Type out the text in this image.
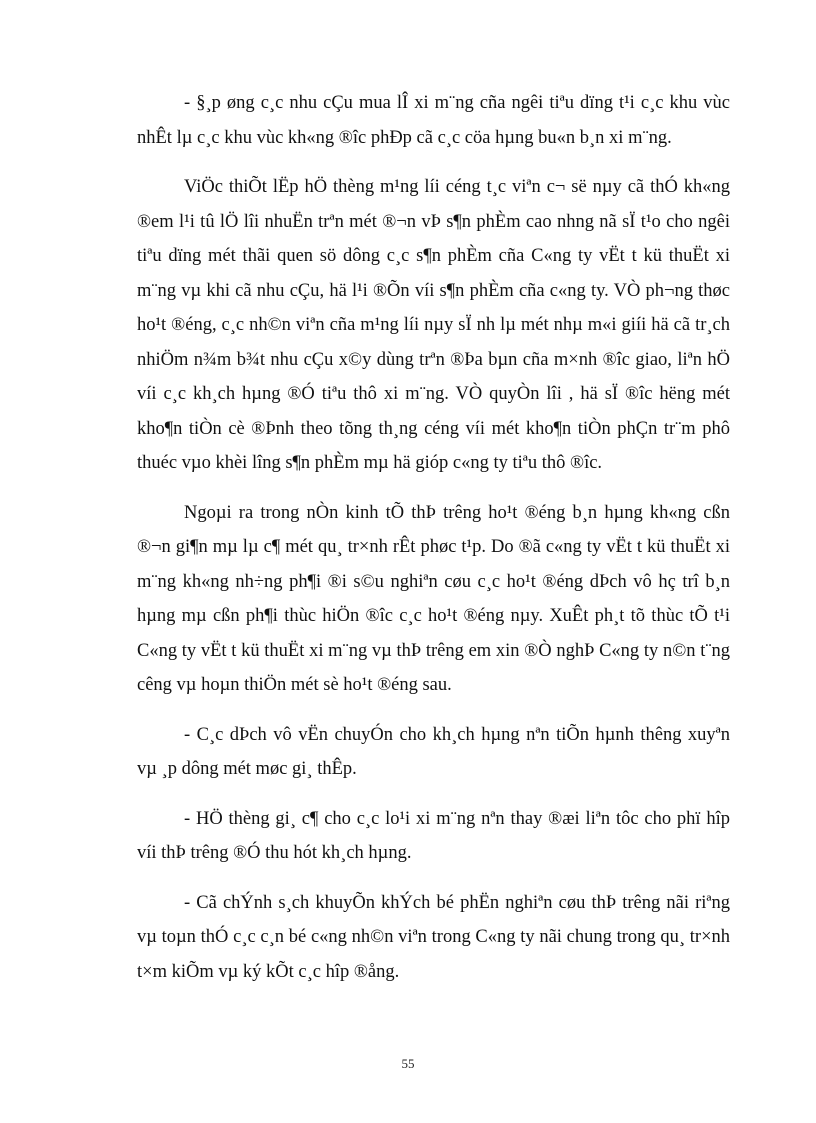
- §¸p øng c¸c nhu cÇu mua lÎ xi m¨ng cña ngêi tiªu dïng t¹i c¸c khu vùc nhÊt lµ c¸c khu vùc kh«ng ®îc phÐp cã c¸c cöa hµng bu«n b¸n xi m¨ng.

ViÖc thiÕt lËp hÖ thèng m¹ng líi céng t¸c viªn c¬ së nµy cã thÓ kh«ng ®em l¹i tû lÖ lîi nhuËn trªn mét ®¬n vÞ s¶n phÈm cao nhng nã sÏ t¹o cho ngêi tiªu dïng mét thãi quen sö dông c¸c s¶n phÈm cña C«ng ty vËt t kü thuËt xi m¨ng vµ khi cã nhu cÇu, hä l¹i ®Õn víi s¶n phÈm cña c«ng ty. VÒ ph¬ng thøc ho¹t ®éng, c¸c nh©n viªn cña m¹ng líi nµy sÏ nh lµ mét nhµ m«i giíi hä cã tr¸ch nhiÖm n¾m b¾t nhu cÇu x©y dùng trªn ®Þa bµn cña m×nh ®îc giao, liªn hÖ víi c¸c kh¸ch hµng ®Ó tiªu thô xi m¨ng. VÒ quyÒn lîi , hä sÏ ®îc hëng mét kho¶n tiÒn cè ®Þnh theo tõng th¸ng céng víi mét kho¶n tiÒn phÇn tr¨m phô thuéc vµo khèi lîng s¶n phÈm mµ hä gióp c«ng ty tiªu thô ®îc.

Ngoµi ra trong nÒn kinh tÕ thÞ trêng ho¹t ®éng b¸n hµng kh«ng cßn ®¬n gi¶n mµ lµ c¶ mét qu¸ tr×nh rÊt phøc t¹p. Do ®ã c«ng ty vËt t kü thuËt xi m¨ng kh«ng nh÷ng ph¶i ®i s©u nghiªn cøu c¸c ho¹t ®éng dÞch vô hç trî b¸n hµng mµ cßn ph¶i thùc hiÖn ®îc c¸c ho¹t ®éng nµy. XuÊt ph¸t tõ thùc tÕ t¹i C«ng ty vËt t kü thuËt xi m¨ng vµ thÞ trêng em xin ®Ò nghÞ C«ng ty n©n t¨ng cêng vµ hoµn thiÖn mét sè ho¹t ®éng sau.

- C¸c dÞch vô vËn chuyÓn cho kh¸ch hµng nªn tiÕn hµnh thêng xuyªn vµ ¸p dông mét møc gi¸ thÊp.

- HÖ thèng gi¸ c¶ cho c¸c lo¹i xi m¨ng nªn thay ®æi liªn tôc cho phï hîp víi thÞ trêng ®Ó thu hót kh¸ch hµng.

- Cã chÝnh s¸ch khuyÕn khÝch bé phËn nghiªn cøu thÞ trêng nãi riªng vµ toµn thÓ c¸c c¸n bé c«ng nh©n viªn trong C«ng ty nãi chung trong qu¸ tr×nh t×m kiÕm vµ ký kÕt c¸c hîp ®ång.

55
